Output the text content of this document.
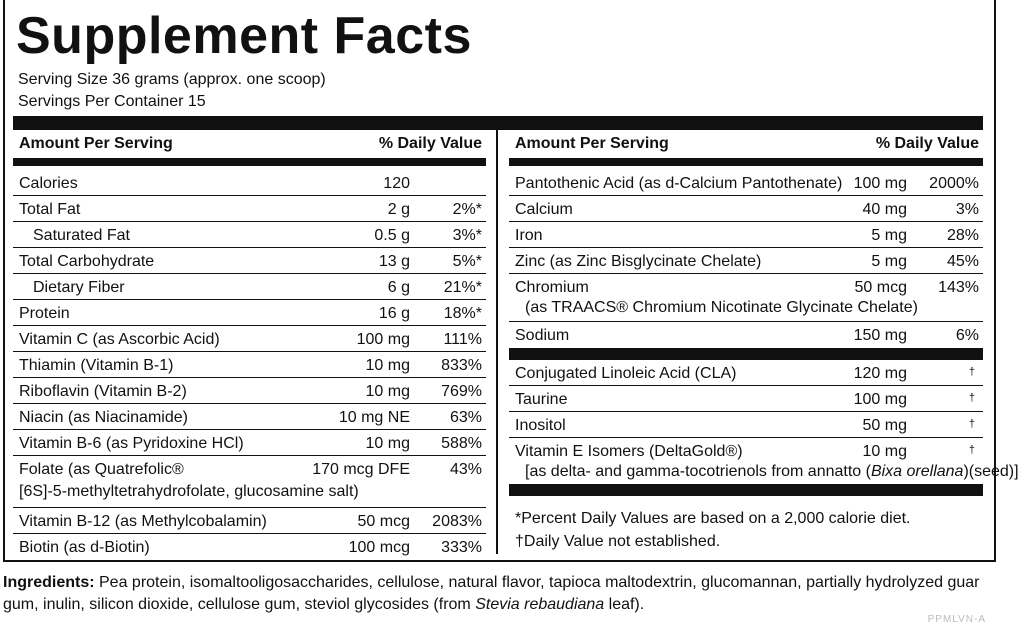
Supplement Facts
Serving Size 36 grams (approx. one scoop)
Servings Per Container 15
Amount Per Serving	% Daily Value
Calories	120
Total Fat	2 g	2%*
Saturated Fat	0.5 g	3%*
Total Carbohydrate	13 g	5%*
Dietary Fiber	6 g 21%*
Protein	16 g 18%*
Vitamin C (as Ascorbic Acid)	100 mg 111%
Thiamin (Vitamin B-1)	10 mg 833%
Riboflavin (Vitamin B-2)	10 mg 769%
Niacin (as Niacinamide)	10 mg NE 63%
Vitamin B-6 (as Pyridoxine HCl)	10 mg 588%
Folate (as Quatrefolic®
[6S]-5-methyltetrahydrofolate, glucosamine salt)
170 mcg DFE 43%
Vitamin B-12 (as Methylcobalamin)	50 mcg 2083%
Biotin (as d-Biotin)	100 mcg 333%
Amount Per Serving	% Daily Value
Pantothenic Acid (as d-Calcium Pantothenate) 100 mg 2000%
Calcium	40 mg	3%
Iron	5 mg 28%
Zinc (as Zinc Bisglycinate Chelate)	5 mg 45%
Chromium
(as TRAACS® Chromium Nicotinate Glycinate Chelate)
50 mcg 143%
Sodium	150 mg	6%
Conjugated Linoleic Acid (CLA)	120 mg	†
Taurine	100 mg	†
Inositol	50 mg	†
Vitamin E Isomers (DeltaGold®)
[as delta- and gamma-tocotrienols from annatto (Bixa orellana)(seed)]
10 mg	†
*Percent Daily Values are based on a 2,000 calorie diet.
†Daily Value not established.
Ingredients: Pea protein, isomaltooligosaccharides, cellulose, natural flavor, tapioca maltodextrin, glucomannan, partially hydrolyzed guar gum, inulin, silicon dioxide, cellulose gum, steviol glycosides (from Stevia rebaudiana leaf).
PPMLVN-A
